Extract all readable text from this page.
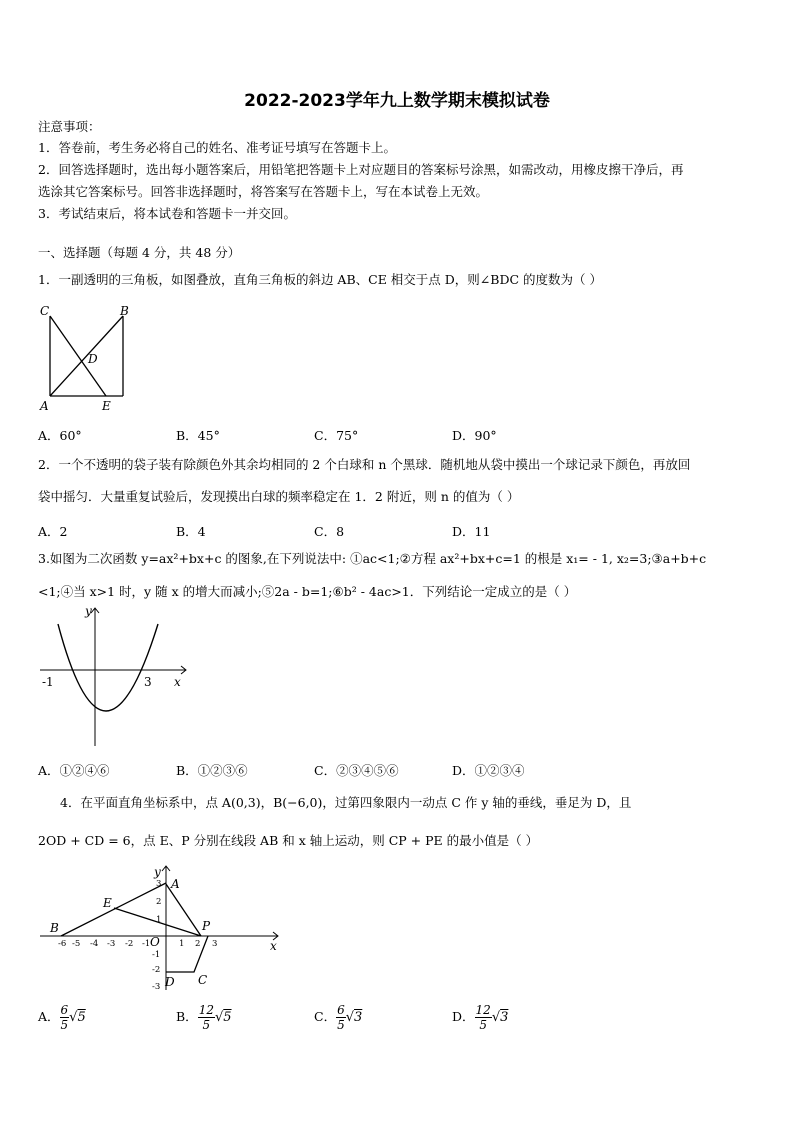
2022-2023学年九上数学期末模拟试卷
注意事项：
1．答卷前，考生务必将自己的姓名、准考证号填写在答题卡上。
2．回答选择题时，选出每小题答案后，用铅笔把答题卡上对应题目的答案标号涂黑，如需改动，用橡皮擦干净后，再
选涂其它答案标号。回答非选择题时，将答案写在答题卡上，写在本试卷上无效。
3．考试结束后，将本试卷和答题卡一并交回。
一、选择题（每题 4 分，共 48 分）
1．一副透明的三角板，如图叠放，直角三角板的斜边 AB、CE 相交于点 D，则∠BDC 的度数为（ ）
C	B
D
A	E
A．60°	B．45°	C．75°	D．90°
2．一个不透明的袋子装有除颜色外其余均相同的 2 个白球和 n 个黑球．随机地从袋中摸出一个球记录下颜色，再放回
袋中摇匀．大量重复试验后，发现摸出白球的频率稳定在 1．2 附近，则 n 的值为（ ）
A．2	B．4	C．8	D．11
3.如图为二次函数 y=ax²+bx+c 的图象,在下列说法中: ①ac<1;②方程 ax²+bx+c=1 的根是 x₁= - 1, x₂=3;③a+b+c
<1;④当 x>1 时，y 随 x 的增大而减小;⑤2a - b=1;⑥b² - 4ac>1．下列结论一定成立的是（ ）
y
x
-1	3
A．①②④⑥	B．①②③⑥	C．②③④⑤⑥	D．①②③④
4．在平面直角坐标系中，点 A(0,3)，B(−6,0)，过第四象限内一动点 C 作 y 轴的垂线，垂足为 D，且
2OD + CD = 6，点 E、P 分别在线段 AB 和 x 轴上运动，则 CP + PE 的最小值是（ ）
-6 -5 -4 -3 -2 -1	1 2 3
3
2
1
-1
-2
-3
y
x
A
B
E
P
O
C
D
A． $\frac{6}{5} √5$	B． $\frac{12}{5} √5$	C． $\frac{6}{5} √3$	D． $\frac{12}{5} √3$
